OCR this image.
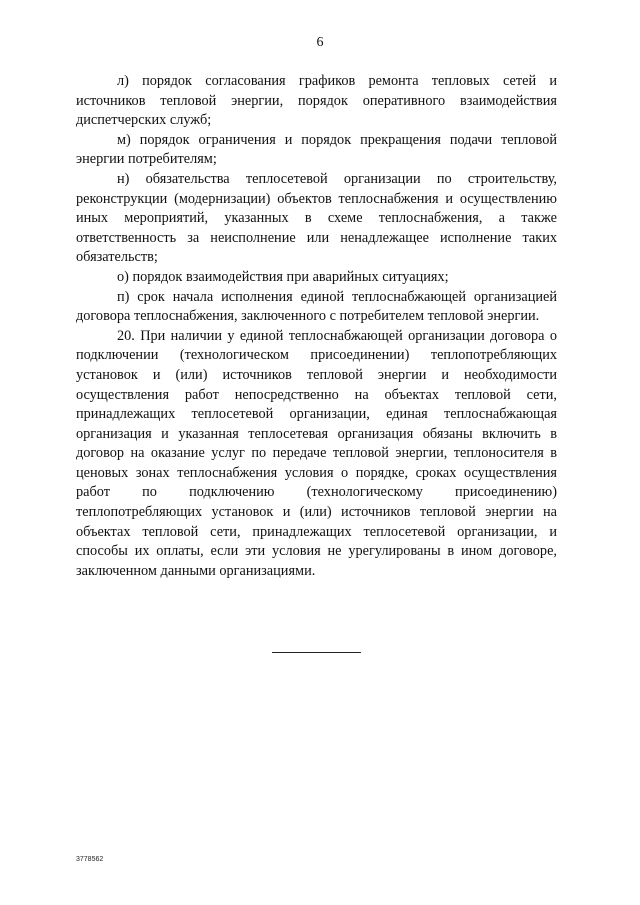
6

л) порядок согласования графиков ремонта тепловых сетей и источников тепловой энергии, порядок оперативного взаимодействия диспетчерских служб;

м) порядок ограничения и порядок прекращения подачи тепловой энергии потребителям;

н) обязательства теплосетевой организации по строительству, реконструкции (модернизации) объектов теплоснабжения и осуществлению иных мероприятий, указанных в схеме теплоснабжения, а также ответственность за неисполнение или ненадлежащее исполнение таких обязательств;

о) порядок взаимодействия при аварийных ситуациях;

п) срок начала исполнения единой теплоснабжающей организацией договора теплоснабжения, заключенного с потребителем тепловой энергии.

20. При наличии у единой теплоснабжающей организации договора о подключении (технологическом присоединении) теплопотребляющих установок и (или) источников тепловой энергии и необходимости осуществления работ непосредственно на объектах тепловой сети, принадлежащих теплосетевой организации, единая теплоснабжающая организация и указанная теплосетевая организация обязаны включить в договор на оказание услуг по передаче тепловой энергии, теплоносителя в ценовых зонах теплоснабжения условия о порядке, сроках осуществления работ по подключению (технологическому присоединению) теплопотребляющих установок и (или) источников тепловой энергии на объектах тепловой сети, принадлежащих теплосетевой организации, и способы их оплаты, если эти условия не урегулированы в ином договоре, заключенном данными организациями.

3778562
